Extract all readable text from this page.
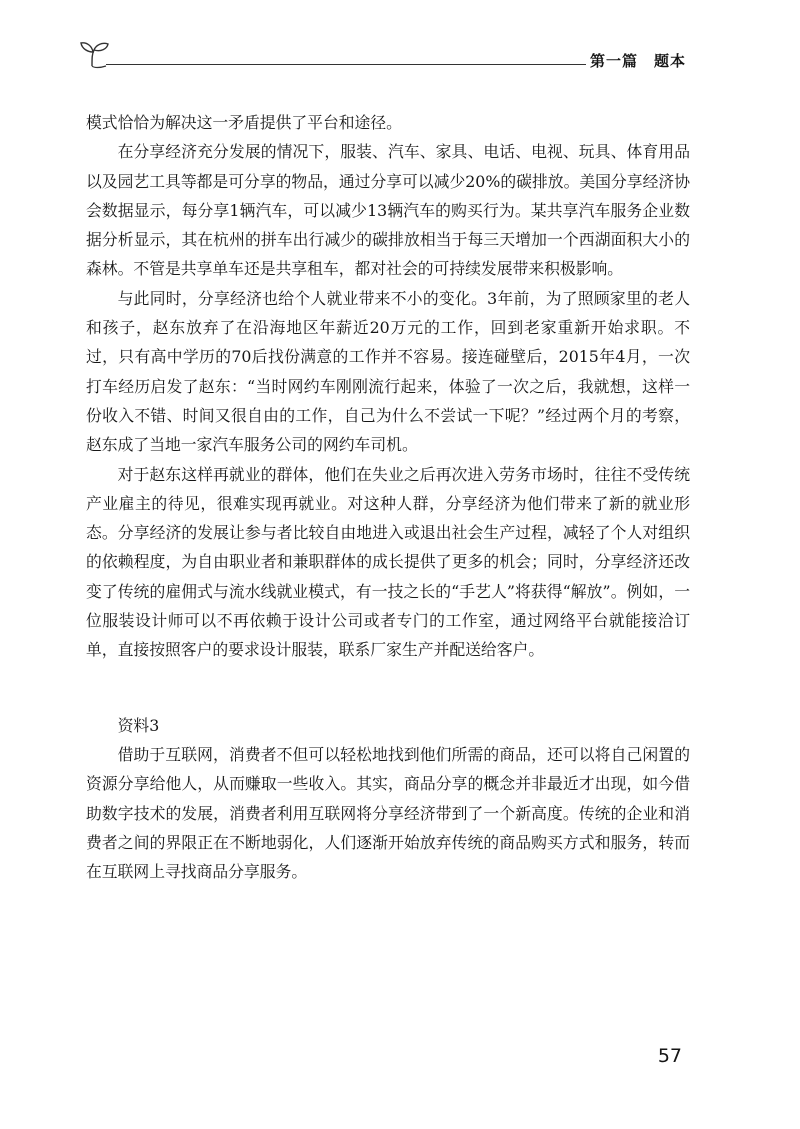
第一篇　题本

模式恰恰为解决这一矛盾提供了平台和途径。

在分享经济充分发展的情况下，服装、汽车、家具、电话、电视、玩具、体育用品以及园艺工具等都是可分享的物品，通过分享可以减少20%的碳排放。美国分享经济协会数据显示，每分享1辆汽车，可以减少13辆汽车的购买行为。某共享汽车服务企业数据分析显示，其在杭州的拼车出行减少的碳排放相当于每三天增加一个西湖面积大小的森林。不管是共享单车还是共享租车，都对社会的可持续发展带来积极影响。

与此同时，分享经济也给个人就业带来不小的变化。3年前，为了照顾家里的老人和孩子，赵东放弃了在沿海地区年薪近20万元的工作，回到老家重新开始求职。不过，只有高中学历的70后找份满意的工作并不容易。接连碰壁后，2015年4月，一次打车经历启发了赵东：“当时网约车刚刚流行起来，体验了一次之后，我就想，这样一份收入不错、时间又很自由的工作，自己为什么不尝试一下呢？”经过两个月的考察，赵东成了当地一家汽车服务公司的网约车司机。

对于赵东这样再就业的群体，他们在失业之后再次进入劳务市场时，往往不受传统产业雇主的待见，很难实现再就业。对这种人群，分享经济为他们带来了新的就业形态。分享经济的发展让参与者比较自由地进入或退出社会生产过程，减轻了个人对组织的依赖程度，为自由职业者和兼职群体的成长提供了更多的机会；同时，分享经济还改变了传统的雇佣式与流水线就业模式，有一技之长的“手艺人”将获得“解放”。例如，一位服装设计师可以不再依赖于设计公司或者专门的工作室，通过网络平台就能接洽订单，直接按照客户的要求设计服装，联系厂家生产并配送给客户。

资料3

借助于互联网，消费者不但可以轻松地找到他们所需的商品，还可以将自己闲置的资源分享给他人，从而赚取一些收入。其实，商品分享的概念并非最近才出现，如今借助数字技术的发展，消费者利用互联网将分享经济带到了一个新高度。传统的企业和消费者之间的界限正在不断地弱化，人们逐渐开始放弃传统的商品购买方式和服务，转而在互联网上寻找商品分享服务。

57
